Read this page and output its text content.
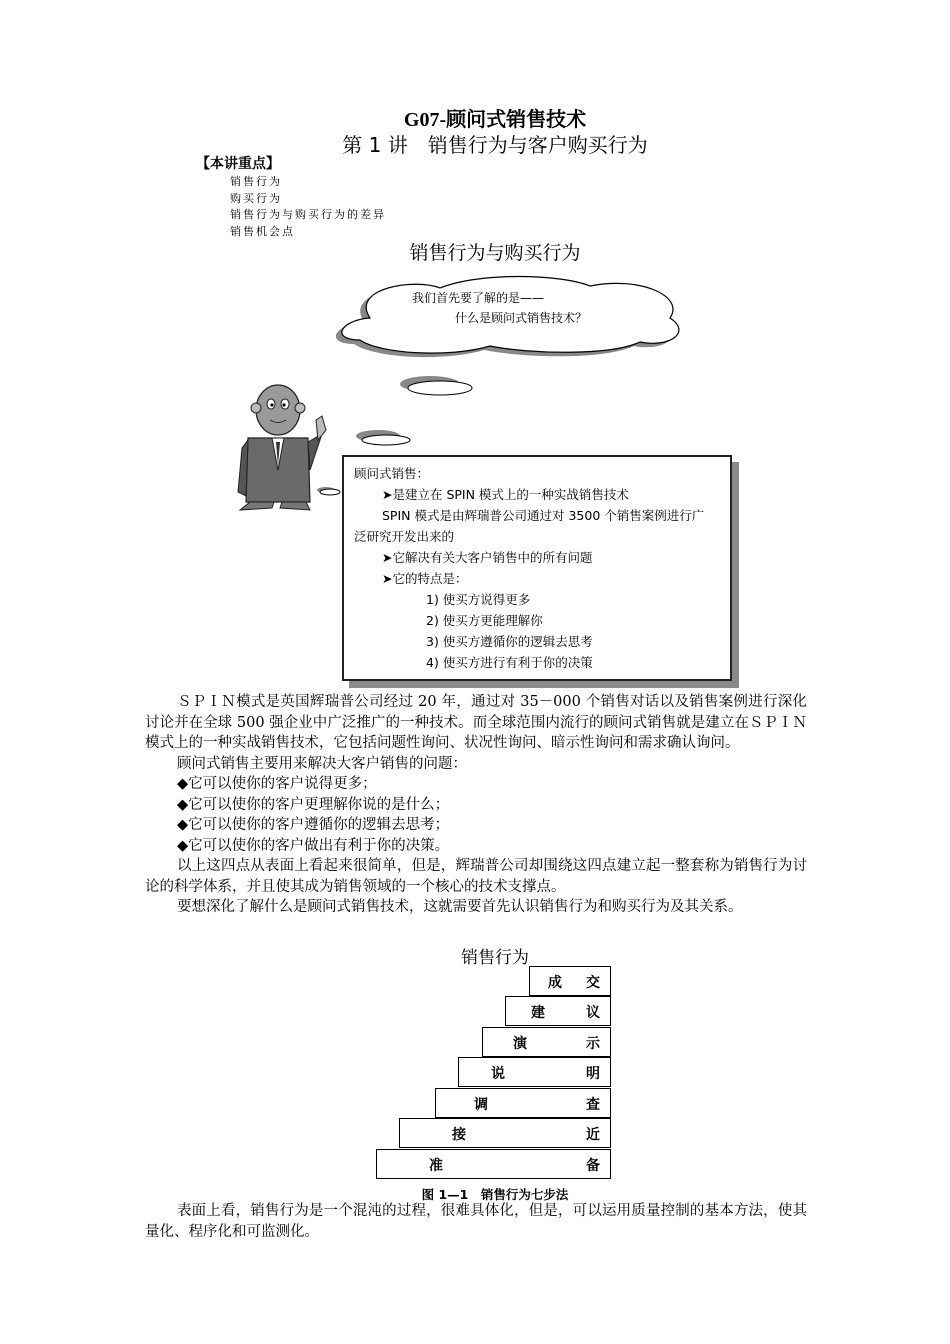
G07-顾问式销售技术
第 1 讲　销售行为与客户购买行为
【本讲重点】
销售行为
购买行为
销售行为与购买行为的差异
销售机会点
销售行为与购买行为
我们首先要了解的是——
什么是顾问式销售技术？
顾问式销售：
➤是建立在 SPIN 模式上的一种实战销售技术
SPIN 模式是由辉瑞普公司通过对 3500 个销售案例进行广
泛研究开发出来的
➤它解决有关大客户销售中的所有问题
➤它的特点是：
1) 使买方说得更多
2) 使买方更能理解你
3) 使买方遵循你的逻辑去思考
4) 使买方进行有利于你的决策

ＳＰＩＮ模式是英国辉瑞普公司经过 20 年，通过对 35－000 个销售对话以及销售案例进行深化讨论并在全球 500 强企业中广泛推广的一种技术。而全球范围内流行的顾问式销售就是建立在ＳＰＩＮ模式上的一种实战销售技术，它包括问题性询问、状况性询问、暗示性询问和需求确认询问。

顾问式销售主要用来解决大客户销售的问题：

◆它可以使你的客户说得更多；

◆它可以使你的客户更理解你说的是什么；

◆它可以使你的客户遵循你的逻辑去思考；

◆它可以使你的客户做出有利于你的决策。

以上这四点从表面上看起来很简单，但是，辉瑞普公司却围绕这四点建立起一整套称为销售行为讨论的科学体系，并且使其成为销售领域的一个核心的技术支撑点。

要想深化了解什么是顾问式销售技术，这就需要首先认识销售行为和购买行为及其关系。

销售行为
成 交
建	议
演	示
说	明
调	查
接	近
准	备
图 1—1　销售行为七步法

表面上看，销售行为是一个混沌的过程，很难具体化，但是，可以运用质量控制的基本方法，使其量化、程序化和可监测化。
